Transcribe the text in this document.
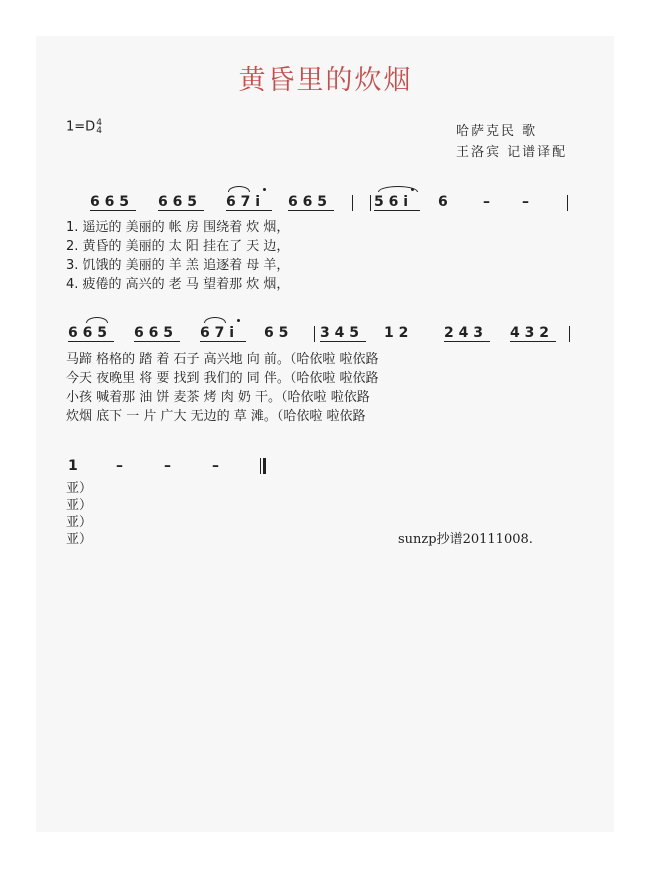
黄昏里的炊烟
1=D4
4	哈萨克民 歌
王洛宾 记谱译配
6 6 5 6 6 5 6 7 i 6 6 5	5 6 i 6	– –
1. 遥远的 美丽的 帐 房 围绕着 炊 烟，
2. 黄昏的 美丽的 太 阳 挂在了 天 边，
3. 饥饿的 美丽的 羊 羔 追逐着 母 羊，
4. 疲倦的 高兴的 老 马 望着那 炊 烟，
6 6 5 6 6 5 6 7 i 6 5 3 4 5 1 2	2 4 3 4 3 2
马蹄 格格的 踏 着 石子 高兴地 向 前。（哈依啦 啦依路
今天 夜晚里 将 要 找到 我们的 同 伴。（哈依啦 啦依路
小孩 喊着那 油 饼 麦茶 烤 肉 奶 干。（哈依啦 啦依路
炊烟 底下 一 片 广大 无边的 草 滩。（哈依啦 啦依路
1	–	–	–
亚）
亚）
亚）
亚）	sunzp抄谱20111008.
